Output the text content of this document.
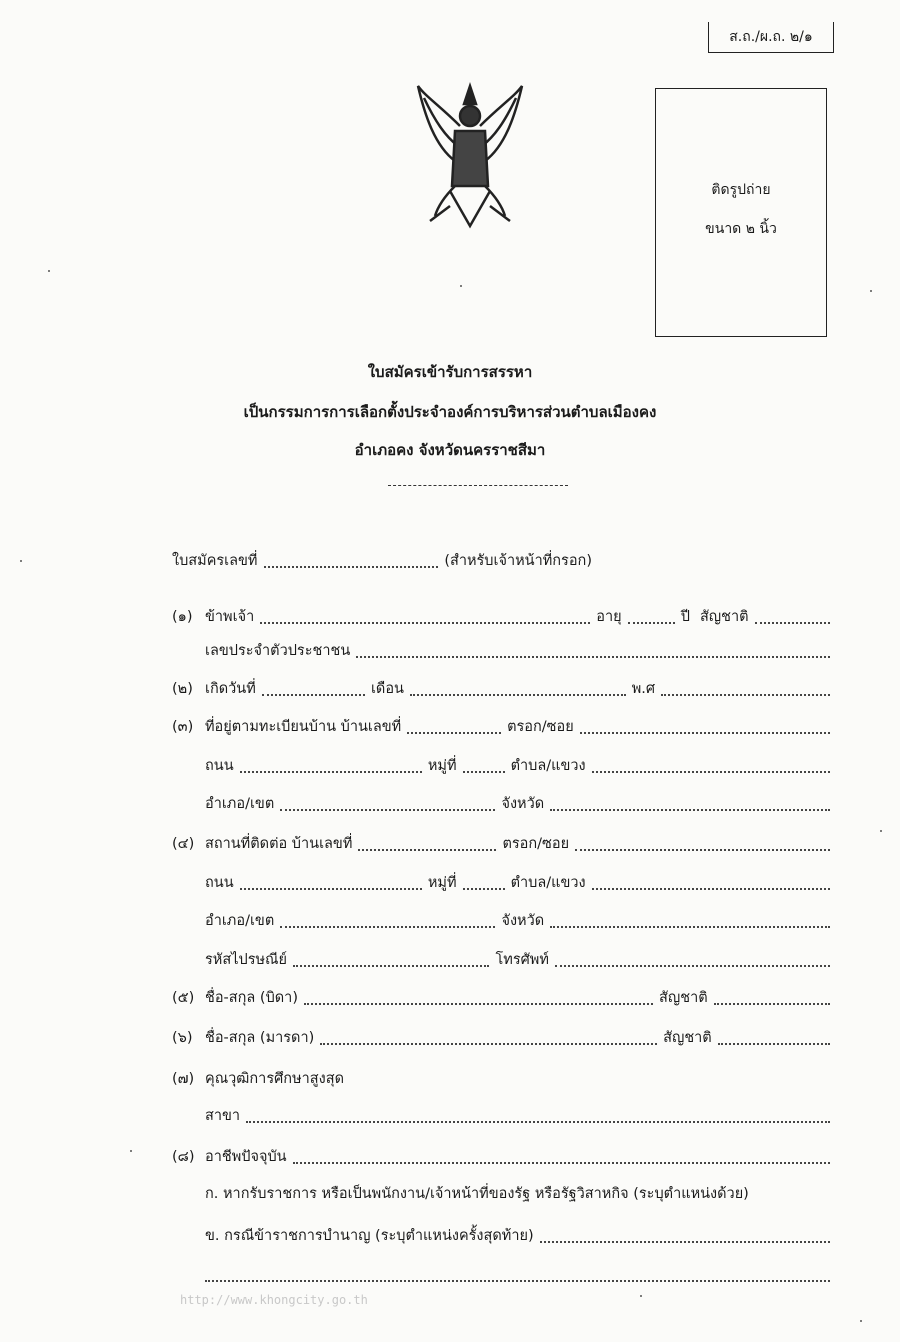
ส.ถ./ผ.ถ. ๒/๑
ติดรูปถ่าย
ขนาด ๒ นิ้ว
ใบสมัครเข้ารับการสรรหา
เป็นกรรมการการเลือกตั้งประจำองค์การบริหารส่วนตำบลเมืองคง
อำเภอคง จังหวัดนครราชสีมา
ใบสมัครเลขที่	(สำหรับเจ้าหน้าที่กรอก)
(๑) ข้าพเจ้า	อายุ	ปี สัญชาติ
เลขประจำตัวประชาชน
(๒) เกิดวันที่	เดือน	พ.ศ
(๓) ที่อยู่ตามทะเบียนบ้าน บ้านเลขที่	ตรอก/ซอย
ถนน	หมู่ที่	ตำบล/แขวง
อำเภอ/เขต	จังหวัด
(๔) สถานที่ติดต่อ บ้านเลขที่	ตรอก/ซอย
ถนน	หมู่ที่	ตำบล/แขวง
อำเภอ/เขต	จังหวัด
รหัสไปรษณีย์	โทรศัพท์
(๕) ชื่อ-สกุล (บิดา)	สัญชาติ
(๖) ชื่อ-สกุล (มารดา)	สัญชาติ
(๗) คุณวุฒิการศึกษาสูงสุด
สาขา
(๘) อาชีพปัจจุบัน
ก. หากรับราชการ หรือเป็นพนักงาน/เจ้าหน้าที่ของรัฐ หรือรัฐวิสาหกิจ (ระบุตำแหน่งด้วย)
ข. กรณีข้าราชการบำนาญ (ระบุตำแหน่งครั้งสุดท้าย)
http://www.khongcity.go.th
